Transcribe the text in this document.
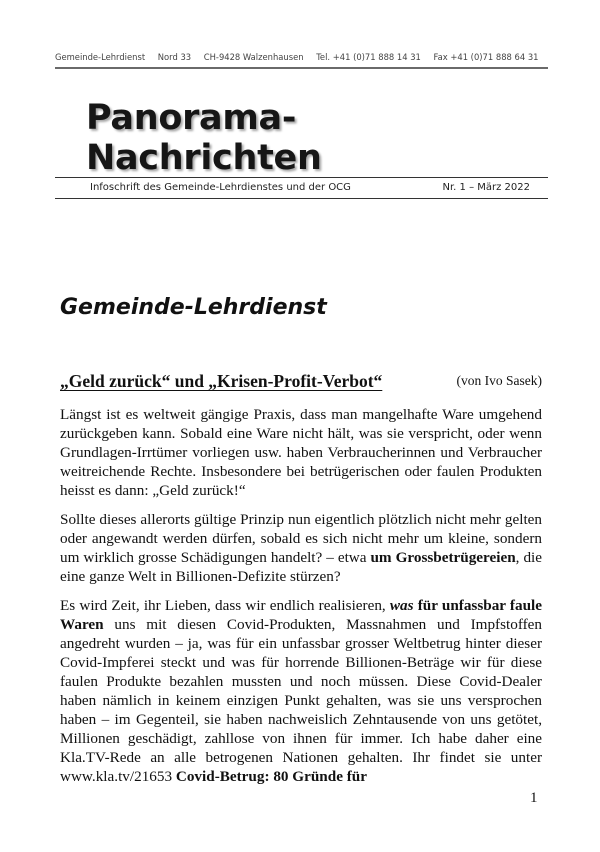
Gemeinde-Lehrdienst Nord 33 CH-9428 Walzenhausen Tel. +41 (0)71 888 14 31 Fax +41 (0)71 888 64 31
Panorama-Nachrichten
Infoschrift des Gemeinde-Lehrdienstes und der OCG	Nr. 1 – März 2022
Gemeinde-Lehrdienst
„Geld zurück“ und „Krisen-Profit-Verbot“	(von Ivo Sasek)

Längst ist es weltweit gängige Praxis, dass man mangelhafte Ware umgehend zurückgeben kann. Sobald eine Ware nicht hält, was sie verspricht, oder wenn Grundlagen-Irrtümer vorliegen usw. haben Verbraucherinnen und Verbraucher weitreichende Rechte. Insbesondere bei betrügerischen oder faulen Produkten heisst es dann: „Geld zurück!“

Sollte dieses allerorts gültige Prinzip nun eigentlich plötzlich nicht mehr gelten oder angewandt werden dürfen, sobald es sich nicht mehr um kleine, sondern um wirklich grosse Schädigungen handelt? – etwa um Grossbetrügereien, die eine ganze Welt in Billionen-Defizite stürzen?

Es wird Zeit, ihr Lieben, dass wir endlich realisieren, was für unfassbar faule Waren uns mit diesen Covid-Produkten, Massnahmen und Impfstoffen angedreht wurden – ja, was für ein unfassbar grosser Weltbetrug hinter dieser Covid-Impferei steckt und was für horrende Billionen-Beträge wir für diese faulen Produkte bezahlen mussten und noch müssen. Diese Covid-Dealer haben nämlich in keinem einzigen Punkt gehalten, was sie uns versprochen haben – im Gegenteil, sie haben nachweislich Zehntausende von uns getötet, Millionen geschädigt, zahllose von ihnen für immer. Ich habe daher eine Kla.TV-Rede an alle betrogenen Nationen gehalten. Ihr findet sie unter www.kla.tv/21653 Covid-Betrug: 80 Gründe für

1
